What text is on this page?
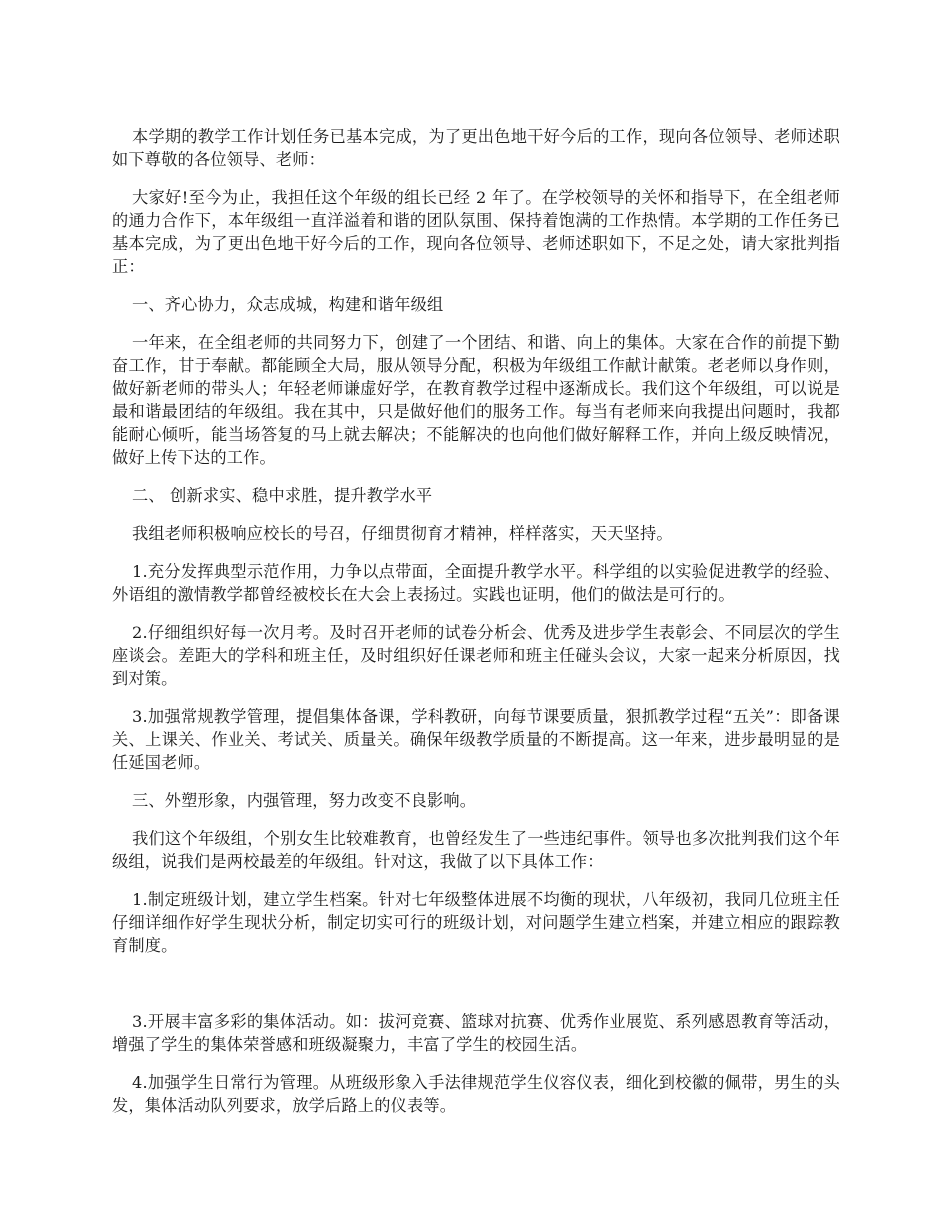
本学期的教学工作计划任务已基本完成，为了更出色地干好今后的工作，现向各位领导、老师述职如下尊敬的各位领导、老师：

大家好!至今为止，我担任这个年级的组长已经 2 年了。在学校领导的关怀和指导下，在全组老师的通力合作下，本年级组一直洋溢着和谐的团队氛围、保持着饱满的工作热情。本学期的工作任务已基本完成，为了更出色地干好今后的工作，现向各位领导、老师述职如下，不足之处，请大家批判指正：

一、齐心协力，众志成城，构建和谐年级组

一年来，在全组老师的共同努力下，创建了一个团结、和谐、向上的集体。大家在合作的前提下勤奋工作，甘于奉献。都能顾全大局，服从领导分配，积极为年级组工作献计献策。老老师以身作则，做好新老师的带头人；年轻老师谦虚好学，在教育教学过程中逐渐成长。我们这个年级组，可以说是最和谐最团结的年级组。我在其中，只是做好他们的服务工作。每当有老师来向我提出问题时，我都能耐心倾听，能当场答复的马上就去解决；不能解决的也向他们做好解释工作，并向上级反映情况，做好上传下达的工作。

二、 创新求实、稳中求胜，提升教学水平

我组老师积极响应校长的号召，仔细贯彻育才精神，样样落实，天天坚持。

1.充分发挥典型示范作用，力争以点带面，全面提升教学水平。科学组的以实验促进教学的经验、外语组的激情教学都曾经被校长在大会上表扬过。实践也证明，他们的做法是可行的。

2.仔细组织好每一次月考。及时召开老师的试卷分析会、优秀及进步学生表彰会、不同层次的学生座谈会。差距大的学科和班主任，及时组织好任课老师和班主任碰头会议，大家一起来分析原因，找到对策。

3.加强常规教学管理，提倡集体备课，学科教研，向每节课要质量，狠抓教学过程“五关”：即备课关、上课关、作业关、考试关、质量关。确保年级教学质量的不断提高。这一年来，进步最明显的是任延国老师。

三、外塑形象，内强管理，努力改变不良影响。

我们这个年级组，个别女生比较难教育，也曾经发生了一些违纪事件。领导也多次批判我们这个年级组，说我们是两校最差的年级组。针对这，我做了以下具体工作：

1.制定班级计划，建立学生档案。针对七年级整体进展不均衡的现状，八年级初，我同几位班主任仔细详细作好学生现状分析，制定切实可行的班级计划，对问题学生建立档案，并建立相应的跟踪教育制度。

3.开展丰富多彩的集体活动。如：拔河竞赛、篮球对抗赛、优秀作业展览、系列感恩教育等活动，增强了学生的集体荣誉感和班级凝聚力，丰富了学生的校园生活。

4.加强学生日常行为管理。从班级形象入手法律规范学生仪容仪表，细化到校徽的佩带，男生的头发，集体活动队列要求，放学后路上的仪表等。
